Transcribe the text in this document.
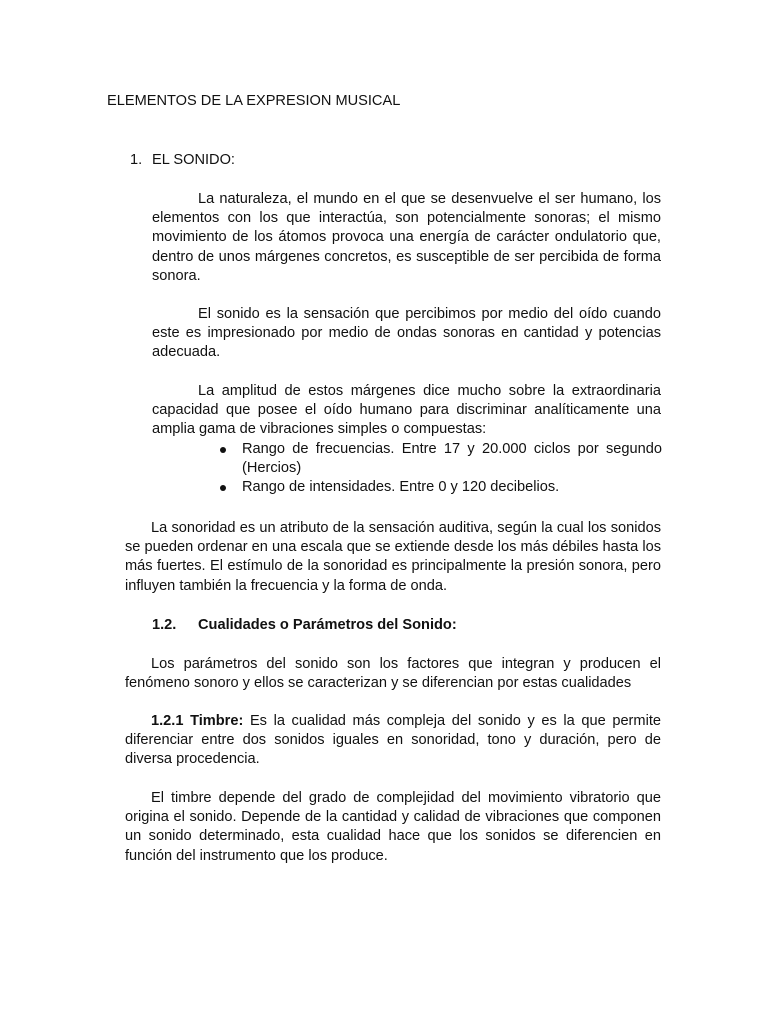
ELEMENTOS DE LA EXPRESION MUSICAL
1. EL SONIDO:

La naturaleza, el mundo en el que se desenvuelve el ser humano, los elementos con los que interactúa, son potencialmente sonoras; el mismo movimiento de los átomos provoca una energía de carácter ondulatorio que, dentro de unos márgenes concretos, es susceptible de ser percibida de forma sonora.

El sonido es la sensación que percibimos por medio del oído cuando este es impresionado por medio de ondas sonoras en cantidad y potencias adecuada.

La amplitud de estos márgenes dice mucho sobre la extraordinaria capacidad que posee el oído humano para discriminar analíticamente una amplia gama de vibraciones simples o compuestas:

Rango de frecuencias. Entre 17 y 20.000 ciclos por segundo (Hercios)
Rango de intensidades. Entre 0 y 120 decibelios.

La sonoridad es un atributo de la sensación auditiva, según la cual los sonidos se pueden ordenar en una escala que se extiende desde los más débiles hasta los más fuertes. El estímulo de la sonoridad es principalmente la presión sonora, pero influyen también la frecuencia y la forma de onda.

1.2. Cualidades o Parámetros del Sonido:

Los parámetros del sonido son los factores que integran y producen el fenómeno sonoro y ellos se caracterizan y se diferencian por estas cualidades

1.2.1 Timbre: Es la cualidad más compleja del sonido y es la que permite diferenciar entre dos sonidos iguales en sonoridad, tono y duración, pero de diversa procedencia.

El timbre depende del grado de complejidad del movimiento vibratorio que origina el sonido. Depende de la cantidad y calidad de vibraciones que componen un sonido determinado, esta cualidad hace que los sonidos se diferencien en función del instrumento que los produce.
